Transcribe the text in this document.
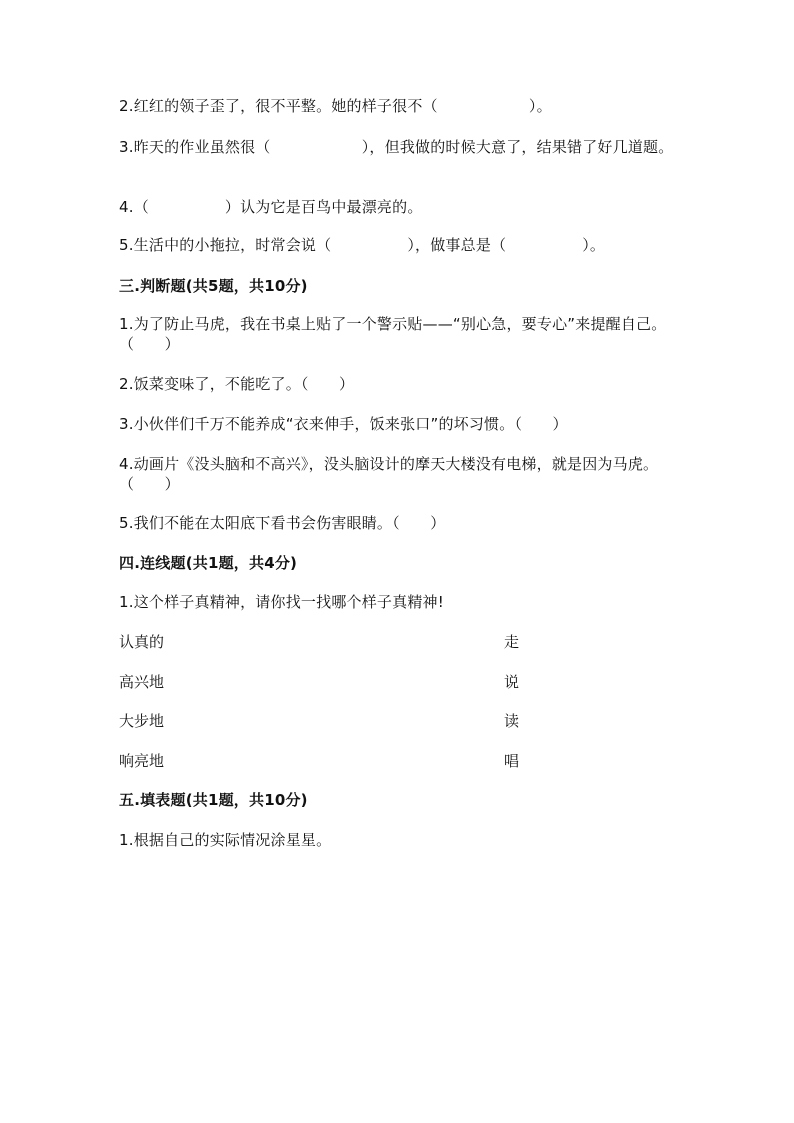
2.红红的领子歪了，很不平整。她的样子很不（　　　　　　）。
3.昨天的作业虽然很（　　　　　　），但我做的时候大意了，结果错了好几道题。
4.（　　　　　）认为它是百鸟中最漂亮的。
5.生活中的小拖拉，时常会说（　　　　　），做事总是（　　　　　）。
三.判断题(共5题，共10分)
1.为了防止马虎，我在书桌上贴了一个警示贴——“别心急，要专心”来提醒自己。（　　）
2.饭菜变味了，不能吃了。（　　）
3.小伙伴们千万不能养成“衣来伸手，饭来张口”的坏习惯。（　　）
4.动画片《没头脑和不高兴》，没头脑设计的摩天大楼没有电梯，就是因为马虎。（　　）
5.我们不能在太阳底下看书会伤害眼睛。（　　）
四.连线题(共1题，共4分)
1.这个样子真精神，请你找一找哪个样子真精神!
认真的	走
高兴地	说
大步地	读
响亮地	唱
五.填表题(共1题，共10分)
1.根据自己的实际情况涂星星。
